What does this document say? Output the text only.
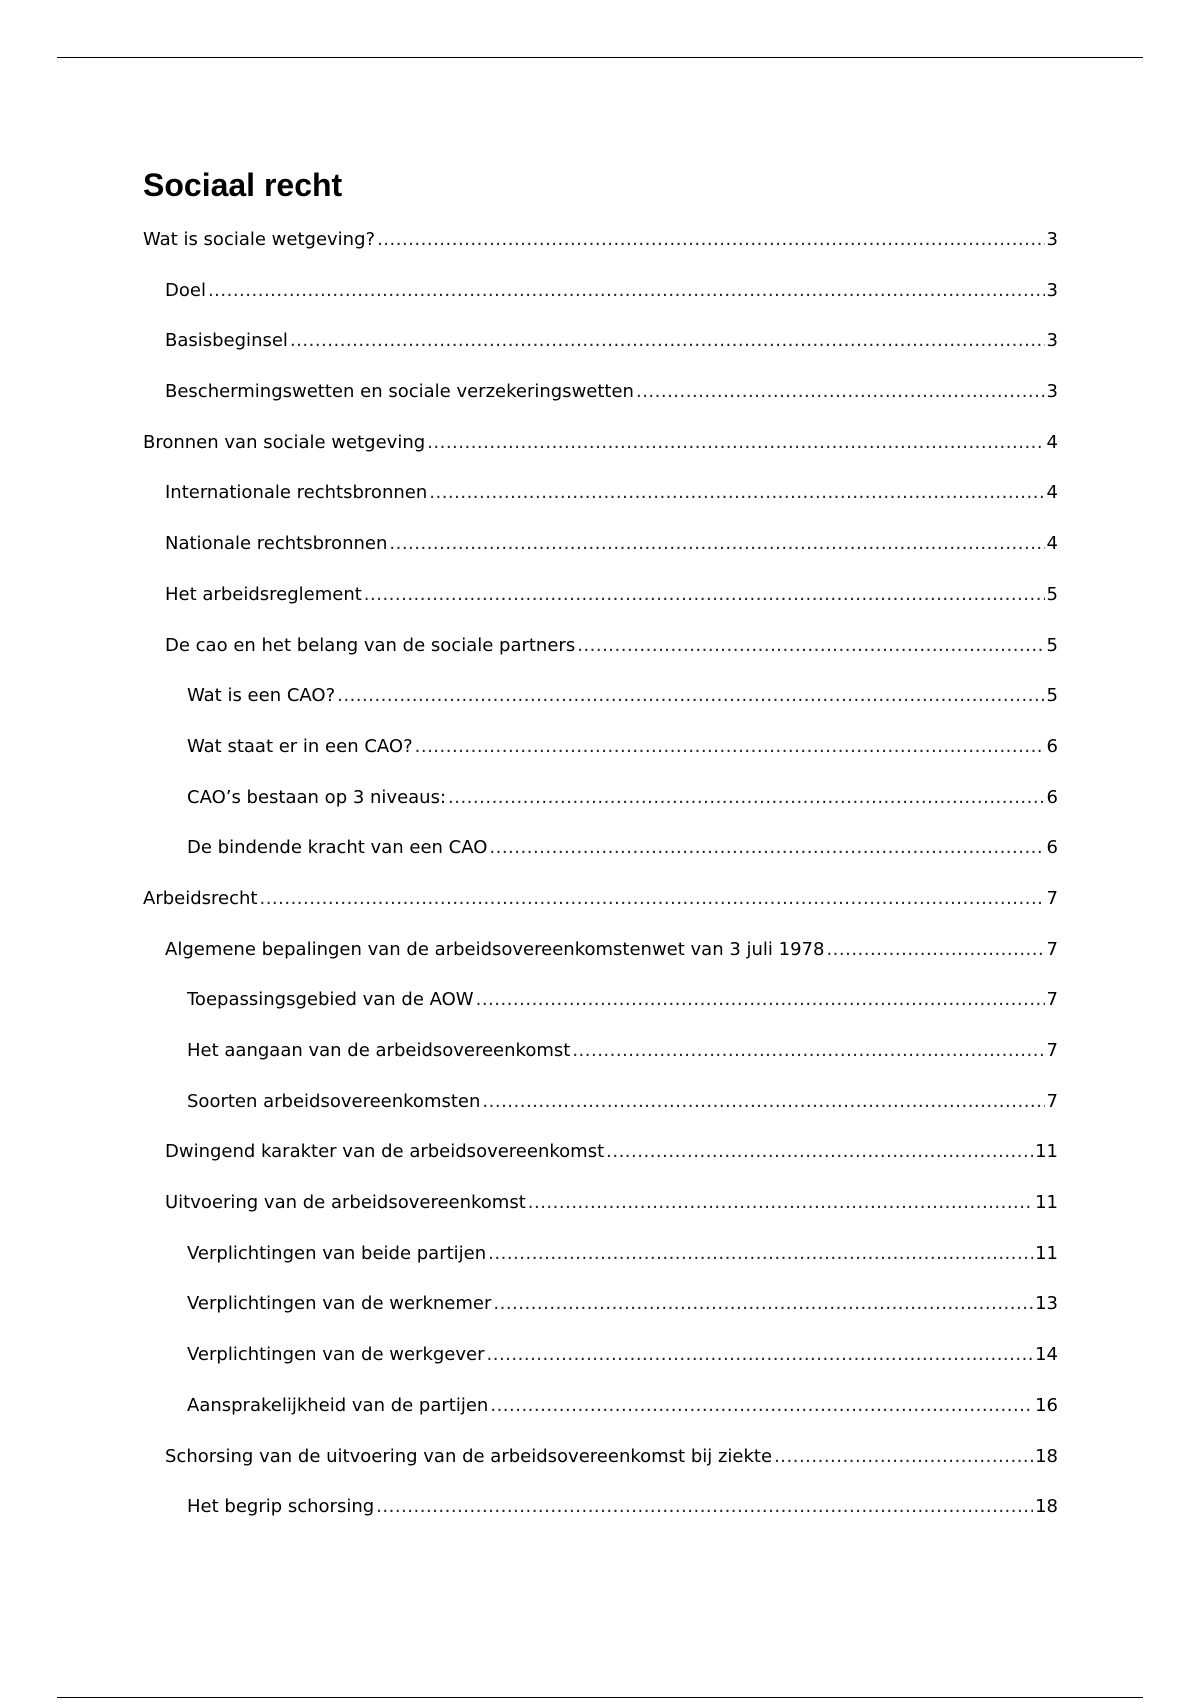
Sociaal recht
Wat is sociale wetgeving? .....	3
Doel .....	3
Basisbeginsel .....	3
Beschermingswetten en sociale verzekeringswetten .....	3
Bronnen van sociale wetgeving .....	4
Internationale rechtsbronnen .....	4
Nationale rechtsbronnen .....	4
Het arbeidsreglement .....	5
De cao en het belang van de sociale partners .....	5
Wat is een CAO? .....	5
Wat staat er in een CAO? .....	6
CAO’s bestaan op 3 niveaus: .....	6
De bindende kracht van een CAO .....	6
Arbeidsrecht .....	7
Algemene bepalingen van de arbeidsovereenkomstenwet van 3 juli 1978 .....	7
Toepassingsgebied van de AOW .....	7
Het aangaan van de arbeidsovereenkomst .....	7
Soorten arbeidsovereenkomsten .....	7
Dwingend karakter van de arbeidsovereenkomst .....	11
Uitvoering van de arbeidsovereenkomst .....	11
Verplichtingen van beide partijen .....	11
Verplichtingen van de werknemer .....	13
Verplichtingen van de werkgever .....	14
Aansprakelijkheid van de partijen .....	16
Schorsing van de uitvoering van de arbeidsovereenkomst bij ziekte .....	18
Het begrip schorsing .....	18
